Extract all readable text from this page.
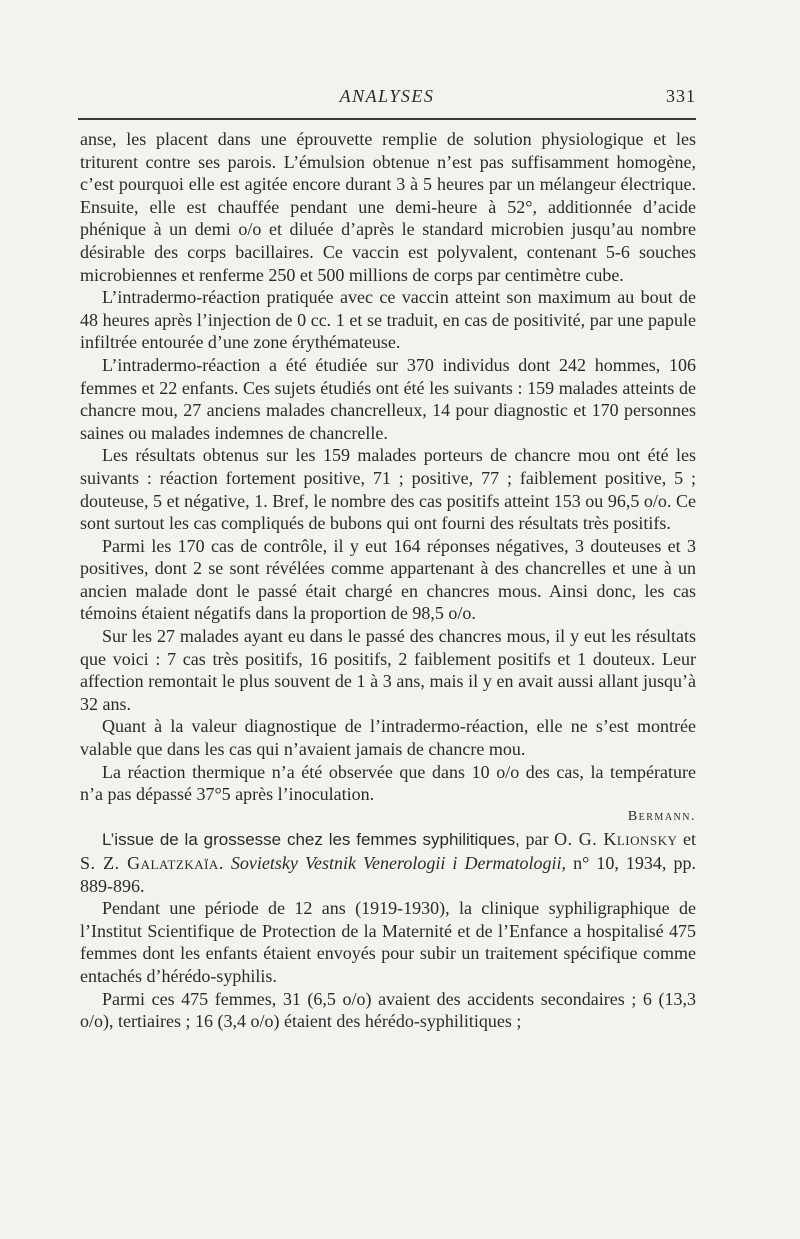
ANALYSES	331

anse, les placent dans une éprouvette remplie de solution physiologique et les triturent contre ses parois. L’émulsion obtenue n’est pas suffisamment homogène, c’est pourquoi elle est agitée encore durant 3 à 5 heures par un mélangeur électrique. Ensuite, elle est chauffée pendant une demi-heure à 52°, additionnée d’acide phénique à un demi o/o et diluée d’après le standard microbien jusqu’au nombre désirable des corps bacillaires. Ce vaccin est polyvalent, contenant 5-6 souches microbiennes et renferme 250 et 500 millions de corps par centimètre cube.

L’intradermo-réaction pratiquée avec ce vaccin atteint son maximum au bout de 48 heures après l’injection de 0 cc. 1 et se traduit, en cas de positivité, par une papule infiltrée entourée d’une zone érythémateuse.

L’intradermo-réaction a été étudiée sur 370 individus dont 242 hommes, 106 femmes et 22 enfants. Ces sujets étudiés ont été les suivants : 159 malades atteints de chancre mou, 27 anciens malades chancrelleux, 14 pour diagnostic et 170 personnes saines ou malades indemnes de chancrelle.

Les résultats obtenus sur les 159 malades porteurs de chancre mou ont été les suivants : réaction fortement positive, 71 ; positive, 77 ; faiblement positive, 5 ; douteuse, 5 et négative, 1. Bref, le nombre des cas positifs atteint 153 ou 96,5 o/o. Ce sont surtout les cas compliqués de bubons qui ont fourni des résultats très positifs.

Parmi les 170 cas de contrôle, il y eut 164 réponses négatives, 3 douteuses et 3 positives, dont 2 se sont révélées comme appartenant à des chancrelles et une à un ancien malade dont le passé était chargé en chancres mous. Ainsi donc, les cas témoins étaient négatifs dans la proportion de 98,5 o/o.

Sur les 27 malades ayant eu dans le passé des chancres mous, il y eut les résultats que voici : 7 cas très positifs, 16 positifs, 2 faiblement positifs et 1 douteux. Leur affection remontait le plus souvent de 1 à 3 ans, mais il y en avait aussi allant jusqu’à 32 ans.

Quant à la valeur diagnostique de l’intradermo-réaction, elle ne s’est montrée valable que dans les cas qui n’avaient jamais de chancre mou.

La réaction thermique n’a été observée que dans 10 o/o des cas, la température n’a pas dépassé 37°5 après l’inoculation.

Bermann.

L’issue de la grossesse chez les femmes syphilitiques, par O. G. Klionsky et S. Z. Galatzkaïa. Sovietsky Vestnik Venerologii i Dermatologii, n° 10, 1934, pp. 889-896.

Pendant une période de 12 ans (1919-1930), la clinique syphiligraphique de l’Institut Scientifique de Protection de la Maternité et de l’Enfance a hospitalisé 475 femmes dont les enfants étaient envoyés pour subir un traitement spécifique comme entachés d’hérédo-syphilis.

Parmi ces 475 femmes, 31 (6,5 o/o) avaient des accidents secondaires ; 6 (13,3 o/o), tertiaires ; 16 (3,4 o/o) étaient des hérédo-syphilitiques ;
